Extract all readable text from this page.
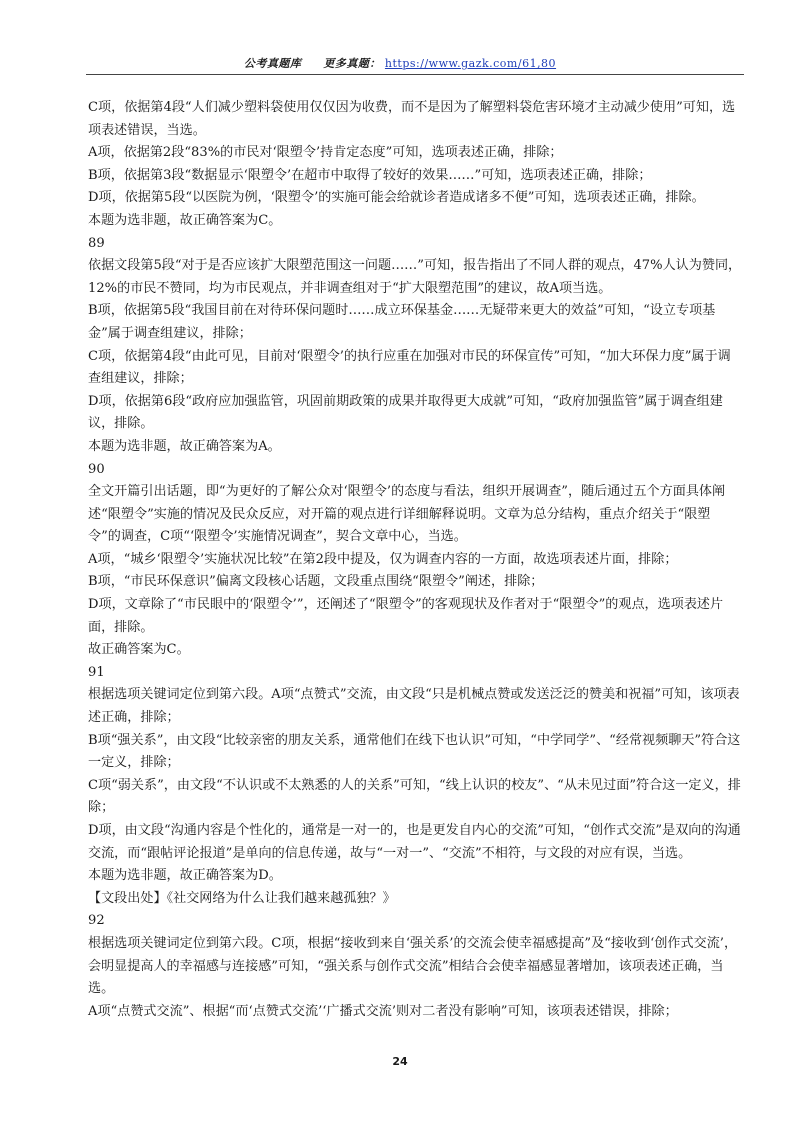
公考真题库 更多真题： https://www.gazk.com/61,80

C项，依据第4段“人们减少塑料袋使用仅仅因为收费，而不是因为了解塑料袋危害环境才主动减少使用”可知，选项表述错误，当选。

A项，依据第2段“83%的市民对‘限塑令’持肯定态度”可知，选项表述正确，排除；

B项，依据第3段“数据显示‘限塑令’在超市中取得了较好的效果……”可知，选项表述正确，排除；

D项，依据第5段“以医院为例，‘限塑令’的实施可能会给就诊者造成诸多不便”可知，选项表述正确，排除。

本题为选非题，故正确答案为C。

89

依据文段第5段“对于是否应该扩大限塑范围这一问题……”可知，报告指出了不同人群的观点，47%人认为赞同，12%的市民不赞同，均为市民观点，并非调查组对于“扩大限塑范围”的建议，故A项当选。

B项，依据第5段“我国目前在对待环保问题时……成立环保基金……无疑带来更大的效益”可知，“设立专项基金”属于调查组建议，排除；

C项，依据第4段“由此可见，目前对‘限塑令’的执行应重在加强对市民的环保宣传”可知，“加大环保力度”属于调查组建议，排除；

D项，依据第6段“政府应加强监管，巩固前期政策的成果并取得更大成就”可知，“政府加强监管”属于调查组建议，排除。

本题为选非题，故正确答案为A。

90

全文开篇引出话题，即“为更好的了解公众对‘限塑令’的态度与看法，组织开展调查”，随后通过五个方面具体阐述“限塑令”实施的情况及民众反应，对开篇的观点进行详细解释说明。文章为总分结构，重点介绍关于“限塑令”的调查，C项“‘限塑令’实施情况调查”，契合文章中心，当选。

A项，“城乡‘限塑令’实施状况比较”在第2段中提及，仅为调查内容的一方面，故选项表述片面，排除；

B项，“市民环保意识”偏离文段核心话题，文段重点围绕“限塑令”阐述，排除；

D项，文章除了“市民眼中的‘限塑令’”，还阐述了“限塑令”的客观现状及作者对于“限塑令”的观点，选项表述片面，排除。

故正确答案为C。

91

根据选项关键词定位到第六段。A项“点赞式”交流，由文段“只是机械点赞或发送泛泛的赞美和祝福”可知，该项表述正确，排除；

B项“强关系”，由文段“比较亲密的朋友关系，通常他们在线下也认识”可知，“中学同学”、“经常视频聊天”符合这一定义，排除；

C项“弱关系”，由文段“不认识或不太熟悉的人的关系”可知，“线上认识的校友”、“从未见过面”符合这一定义，排除；

D项，由文段“沟通内容是个性化的，通常是一对一的，也是更发自内心的交流”可知，“创作式交流”是双向的沟通交流，而“跟帖评论报道”是单向的信息传递，故与“一对一”、“交流”不相符，与文段的对应有误，当选。

本题为选非题，故正确答案为D。

【文段出处】《社交网络为什么让我们越来越孤独？》

92

根据选项关键词定位到第六段。C项，根据“接收到来自‘强关系’的交流会使幸福感提高”及“接收到‘创作式交流’，会明显提高人的幸福感与连接感”可知，“强关系与创作式交流”相结合会使幸福感显著增加，该项表述正确，当选。

A项“点赞式交流”、根据“而‘点赞式交流’‘广播式交流’则对二者没有影响”可知，该项表述错误，排除；

24
